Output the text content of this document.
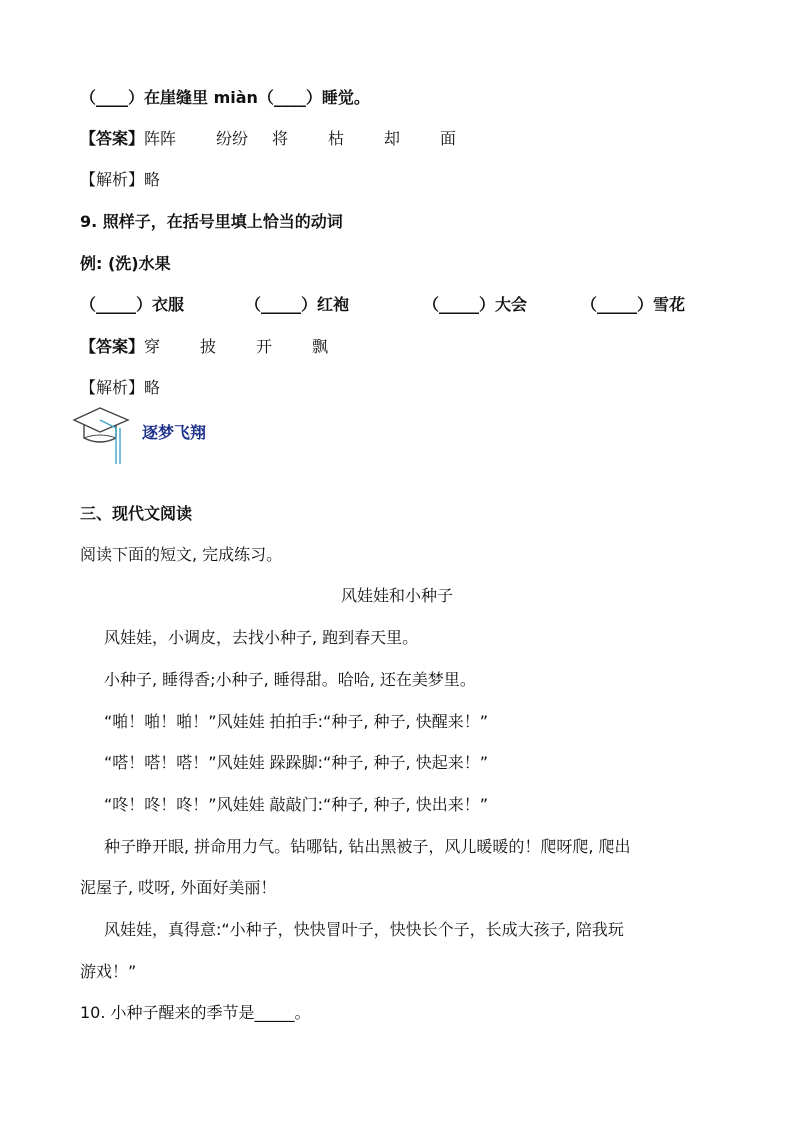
（____）在崖缝里 miàn（____）睡觉。
【答案】阵阵 纷纷 将 枯 却 面
【解析】略
9. 照样子，在括号里填上恰当的动词
例: (洗)水果
（_____）衣服	（_____）红袍	（_____）大会	（_____）雪花
【答案】穿 披 开 飘
【解析】略
逐梦飞翔
三、现代文阅读
阅读下面的短文, 完成练习。
风娃娃和小种子
风娃娃，小调皮，去找小种子, 跑到春天里。
小种子, 睡得香;小种子, 睡得甜。哈哈, 还在美梦里。
“啪！啪！啪！”风娃娃 拍拍手:“种子, 种子, 快醒来！”
“嗒！嗒！嗒！”风娃娃 跺跺脚:“种子, 种子, 快起来！”
“咚！咚！咚！”风娃娃 敲敲门:“种子, 种子, 快出来！”
种子睁开眼, 拼命用力气。钻哪钻, 钻出黑被子，风儿暖暖的！爬呀爬, 爬出
泥屋子, 哎呀, 外面好美丽！
风娃娃，真得意:“小种子，快快冒叶子，快快长个子，长成大孩子, 陪我玩
游戏！”
10. 小种子醒来的季节是_____。
